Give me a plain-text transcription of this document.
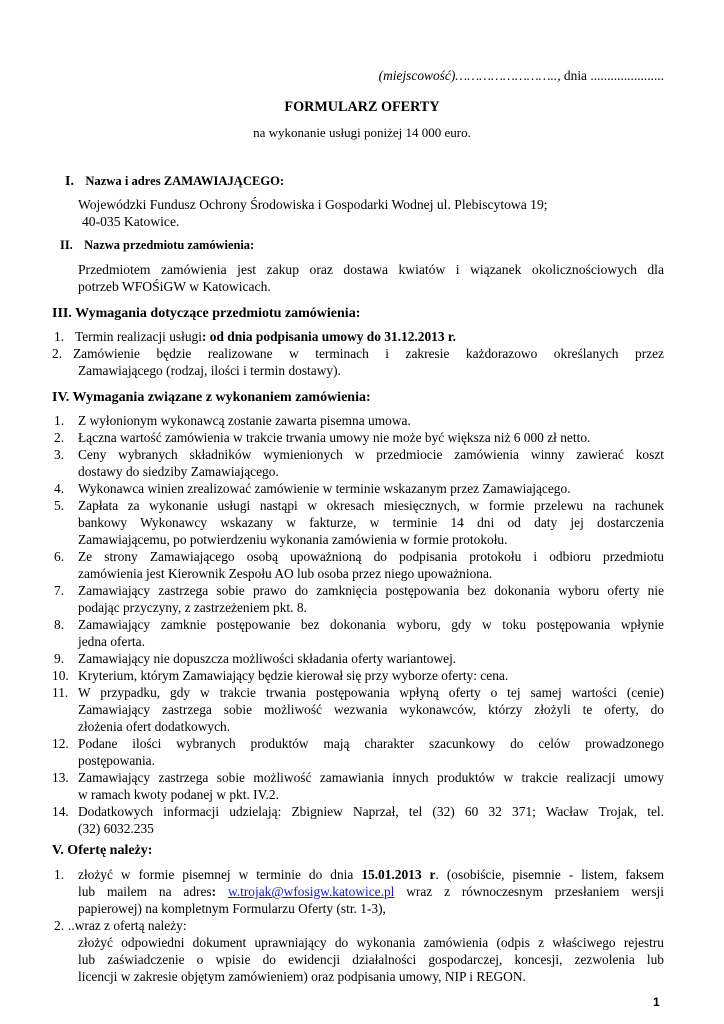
(miejscowość)…………………….., dnia ......................
FORMULARZ OFERTY
na wykonanie usługi poniżej 14 000 euro.
I. Nazwa i adres ZAMAWIAJĄCEGO:
Wojewódzki Fundusz Ochrony Środowiska i Gospodarki Wodnej ul. Plebiscytowa 19;
40-035 Katowice.
II. Nazwa przedmiotu zamówienia:
Przedmiotem zamówienia jest zakup oraz dostawa kwiatów i wiązanek okolicznościowych dla
potrzeb WFOŚiGW w Katowicach.
III. Wymagania dotyczące przedmiotu zamówienia:
1. Termin realizacji usługi: od dnia podpisania umowy do 31.12.2013 r.
2. Zamówienie będzie realizowane w terminach i zakresie każdorazowo określanych przez
Zamawiającego (rodzaj, ilości i termin dostawy).
IV. Wymagania związane z wykonaniem zamówienia:
1. Z wyłonionym wykonawcą zostanie zawarta pisemna umowa.
2. Łączna wartość zamówienia w trakcie trwania umowy nie może być większa niż 6 000 zł netto.
3. Ceny wybranych składników wymienionych w przedmiocie zamówienia winny zawierać koszt
dostawy do siedziby Zamawiającego.
4. Wykonawca winien zrealizować zamówienie w terminie wskazanym przez Zamawiającego.
5. Zapłata za wykonanie usługi nastąpi w okresach miesięcznych, w formie przelewu na rachunek
bankowy Wykonawcy wskazany w fakturze, w terminie 14 dni od daty jej dostarczenia
Zamawiającemu, po potwierdzeniu wykonania zamówienia w formie protokołu.
6. Ze strony Zamawiającego osobą upoważnioną do podpisania protokołu i odbioru przedmiotu
zamówienia jest Kierownik Zespołu AO lub osoba przez niego upoważniona.
7. Zamawiający zastrzega sobie prawo do zamknięcia postępowania bez dokonania wyboru oferty nie
podając przyczyny, z zastrzeżeniem pkt. 8.
8. Zamawiający zamknie postępowanie bez dokonania wyboru, gdy w toku postępowania wpłynie
jedna oferta.
9. Zamawiający nie dopuszcza możliwości składania oferty wariantowej.
10. Kryterium, którym Zamawiający będzie kierował się przy wyborze oferty: cena.
11. W przypadku, gdy w trakcie trwania postępowania wpłyną oferty o tej samej wartości (cenie)
Zamawiający zastrzega sobie możliwość wezwania wykonawców, którzy złożyli te oferty, do
złożenia ofert dodatkowych.
12. Podane ilości wybranych produktów mają charakter szacunkowy do celów prowadzonego
postępowania.
13. Zamawiający zastrzega sobie możliwość zamawiania innych produktów w trakcie realizacji umowy
w ramach kwoty podanej w pkt. IV.2.
14. Dodatkowych informacji udzielają: Zbigniew Naprzał, tel (32) 60 32 371; Wacław Trojak, tel.
(32) 6032.235
V. Ofertę należy:
1. złożyć w formie pisemnej w terminie do dnia 15.01.2013 r. (osobiście, pisemnie - listem, faksem
lub mailem na adres: w.trojak@wfosigw.katowice.pl wraz z równoczesnym przesłaniem wersji
papierowej) na kompletnym Formularzu Oferty (str. 1-3),
2. ..wraz z ofertą należy:
złożyć odpowiedni dokument uprawniający do wykonania zamówienia (odpis z właściwego rejestru
lub zaświadczenie o wpisie do ewidencji działalności gospodarczej, koncesji, zezwolenia lub
licencji w zakresie objętym zamówieniem) oraz podpisania umowy, NIP i REGON.
1
